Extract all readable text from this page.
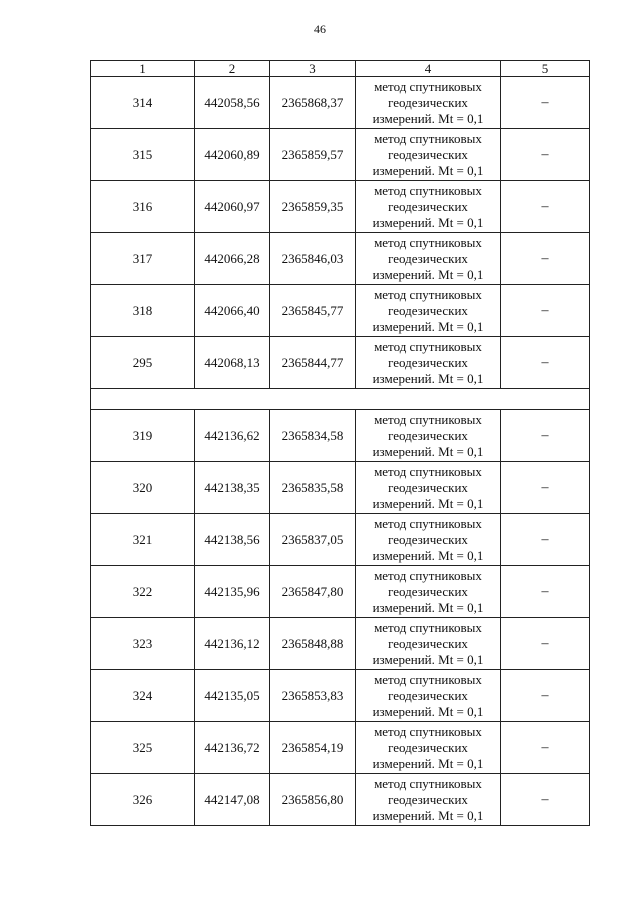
46
1	2	3	4	5
314	442058,56	2365868,37	метод спутниковых
геодезических
измерений. Mt = 0,1	–
315	442060,89	2365859,57	метод спутниковых
геодезических
измерений. Mt = 0,1	–
316	442060,97	2365859,35	метод спутниковых
геодезических
измерений. Mt = 0,1	–
317	442066,28	2365846,03	метод спутниковых
геодезических
измерений. Mt = 0,1	–
318	442066,40	2365845,77	метод спутниковых
геодезических
измерений. Mt = 0,1	–
295	442068,13	2365844,77	метод спутниковых
геодезических
измерений. Mt = 0,1	–

319	442136,62	2365834,58	метод спутниковых
геодезических
измерений. Mt = 0,1	–
320	442138,35	2365835,58	метод спутниковых
геодезических
измерений. Mt = 0,1	–
321	442138,56	2365837,05	метод спутниковых
геодезических
измерений. Mt = 0,1	–
322	442135,96	2365847,80	метод спутниковых
геодезических
измерений. Mt = 0,1	–
323	442136,12	2365848,88	метод спутниковых
геодезических
измерений. Mt = 0,1	–
324	442135,05	2365853,83	метод спутниковых
геодезических
измерений. Mt = 0,1	–
325	442136,72	2365854,19	метод спутниковых
геодезических
измерений. Mt = 0,1	–
326	442147,08	2365856,80	метод спутниковых
геодезических
измерений. Mt = 0,1	–
